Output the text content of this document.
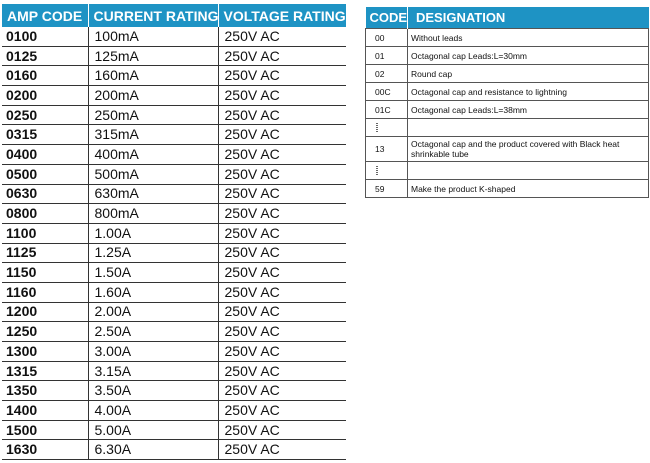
AMP CODE	CURRENT RATING	VOLTAGE RATING
0100	100mA	250V AC
0125	125mA	250V AC
0160	160mA	250V AC
0200	200mA	250V AC
0250	250mA	250V AC
0315	315mA	250V AC
0400	400mA	250V AC
0500	500mA	250V AC
0630	630mA	250V AC
0800	800mA	250V AC
1100	1.00A	250V AC
1125	1.25A	250V AC
1150	1.50A	250V AC
1160	1.60A	250V AC
1200	2.00A	250V AC
1250	2.50A	250V AC
1300	3.00A	250V AC
1315	3.15A	250V AC
1350	3.50A	250V AC
1400	4.00A	250V AC
1500	5.00A	250V AC
1630	6.30A	250V AC
CODE	DESIGNATION
00	Without leads
01	Octagonal cap Leads:L=30mm
02	Round cap
00C	Octagonal cap and resistance to lightning
01C	Octagonal cap Leads:L=38mm

13	Octagonal cap and the product covered with Black heat shrinkable tube

59	Make the product K-shaped
